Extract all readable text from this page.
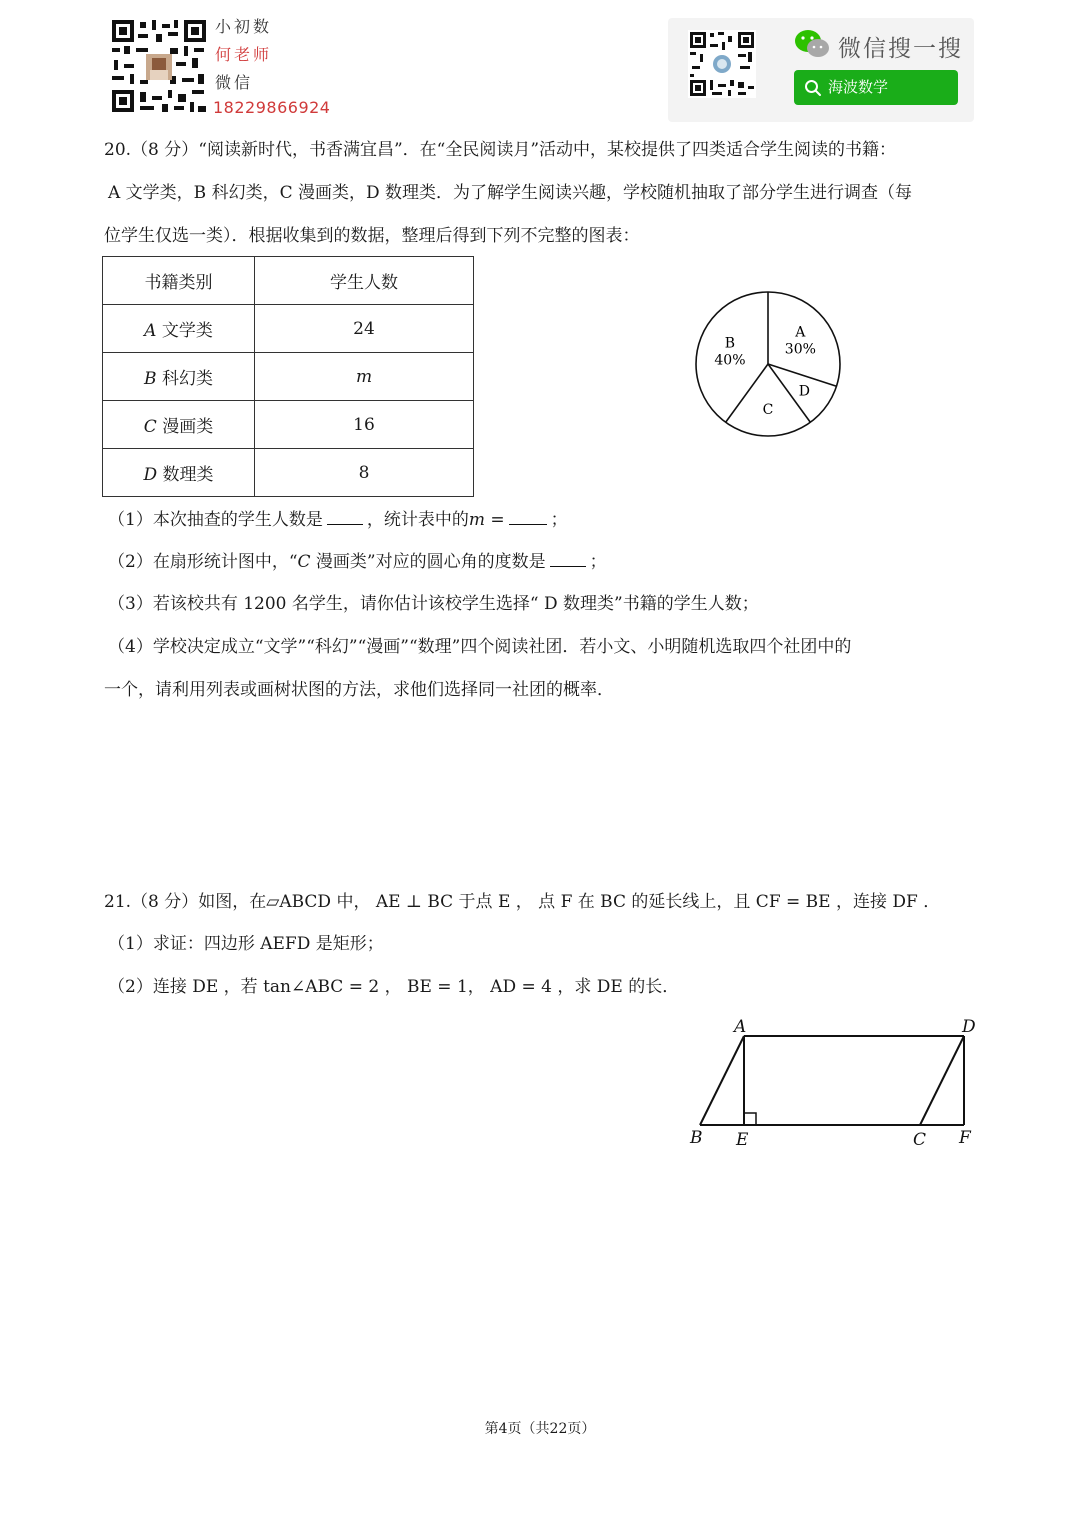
小初数
何老师
微信
18229866924
微信搜一搜
海波数学
20.（8 分）“阅读新时代，书香满宜昌”．在“全民阅读月”活动中，某校提供了四类适合学生阅读的书籍：
A 文学类，B 科幻类，C 漫画类，D 数理类．为了解学生阅读兴趣，学校随机抽取了部分学生进行调查（每
位学生仅选一类）．根据收集到的数据，整理后得到下列不完整的图表：
书籍类别	学生人数
A 文学类	24
B 科幻类	m
C 漫画类	16
D 数理类	8
A
30%
D
C
B
40%
（1）本次抽查的学生人数是	，统计表中的m =	；
（2）在扇形统计图中，“C 漫画类”对应的圆心角的度数是	；
（3）若该校共有 1200 名学生，请你估计该校学生选择“ D 数理类”书籍的学生人数；
（4）学校决定成立“文学”“科幻”“漫画”“数理”四个阅读社团．若小文、小明随机选取四个社团中的
一个，请利用列表或画树状图的方法，求他们选择同一社团的概率．
21.（8 分）如图，在▱ABCD 中， AE ⊥ BC 于点 E ， 点 F 在 BC 的延长线上，且 CF = BE ，连接 DF ．
（1）求证：四边形 AEFD 是矩形；
（2）连接 DE ，若 tan∠ABC = 2 ， BE = 1， AD = 4 ，求 DE 的长．
A	D
B E	C F
第4页（共22页）
